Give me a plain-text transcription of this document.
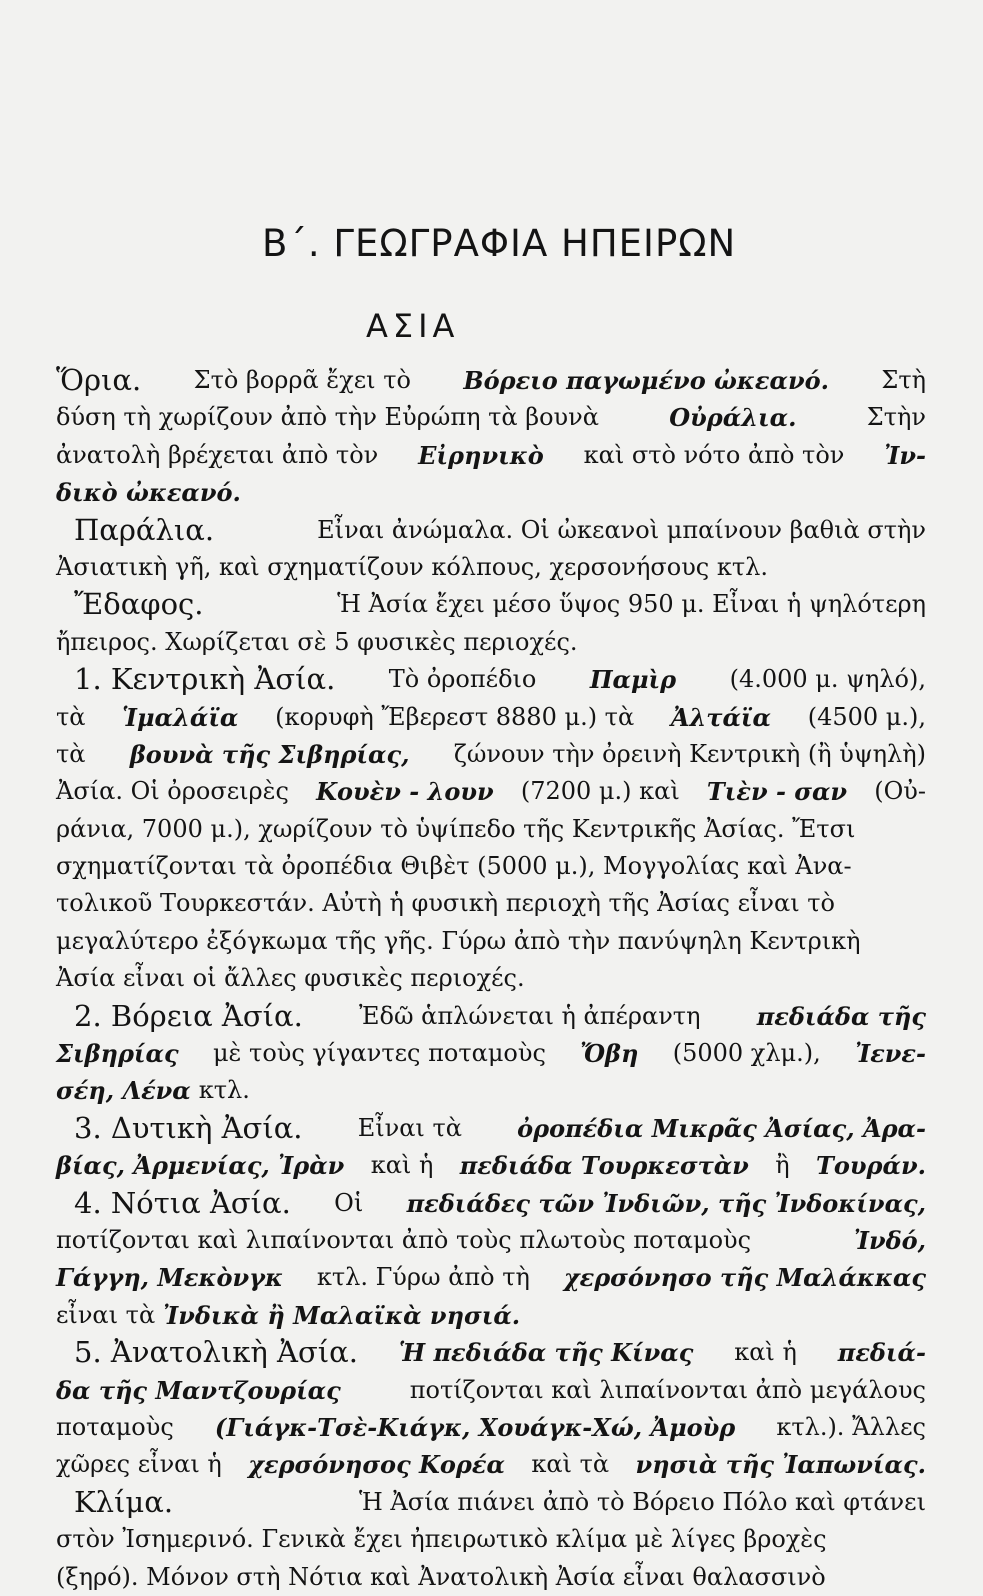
Β΄. ΓΕΩΓΡΑΦΙΑ ΗΠΕΙΡΩΝ
ΑΣΙΑ
Ὅρια. Στὸ βορρᾶ ἔχει τὸ Βόρειο παγωμένο ὠκεανό. Στὴ
δύση τὴ χωρίζουν ἀπὸ τὴν Εὐρώπη τὰ βουνὰ	Οὐράλια.	Στὴν
ἀνατολὴ βρέχεται ἀπὸ τὸν Εἰρηνικὸ καὶ στὸ νότο ἀπὸ τὸν Ἰν-
δικὸ ὠκεανό.
Παράλια.	Εἶναι ἀνώμαλα. Οἱ ὠκεανοὶ μπαίνουν βαθιὰ στὴν
Ἀσιατικὴ γῆ, καὶ σχηματίζουν κόλπους, χερσονήσους κτλ.
Ἔδαφος.	Ἡ Ἀσία ἔχει μέσο ὕψος 950 μ. Εἶναι ἡ ψηλότερη
ἤπειρος. Χωρίζεται σὲ 5 φυσικὲς περιοχές.
1. Κεντρικὴ Ἀσία. Τὸ ὀροπέδιο Παμὶρ (4.000 μ. ψηλό),
τὰ Ἱμαλάϊα (κορυφὴ Ἔβερεστ 8880 μ.) τὰ Ἀλτάϊα (4500 μ.),
τὰ βουνὰ τῆς Σιβηρίας, ζώνουν τὴν ὀρεινὴ Κεντρικὴ (ἢ ὑψηλὴ)
Ἀσία. Οἱ ὀροσειρὲς Κουὲν - λουν (7200 μ.) καὶ Τιὲν - σαν (Οὐ-
ράνια, 7000 μ.), χωρίζουν τὸ ὑψίπεδο τῆς Κεντρικῆς Ἀσίας. Ἔτσι
σχηματίζονται τὰ ὀροπέδια Θιβὲτ (5000 μ.), Μογγολίας καὶ Ἀνα-
τολικοῦ Τουρκεστάν. Αὐτὴ ἡ φυσικὴ περιοχὴ τῆς Ἀσίας εἶναι τὸ
μεγαλύτερο ἐξόγκωμα τῆς γῆς. Γύρω ἀπὸ τὴν πανύψηλη Κεντρικὴ
Ἀσία εἶναι οἱ ἄλλες φυσικὲς περιοχές.
2. Βόρεια Ἀσία. Ἐδῶ ἁπλώνεται ἡ ἀπέραντη πεδιάδα τῆς
Σιβηρίας μὲ τοὺς γίγαντες ποταμοὺς Ὄβη (5000 χλμ.), Ἰενε-
σέη, Λένα κτλ.
3. Δυτικὴ Ἀσία. Εἶναι τὰ ὀροπέδια Μικρᾶς Ἀσίας, Ἀρα-
βίας, Ἀρμενίας, Ἰρὰν καὶ ἡ πεδιάδα Τουρκεστὰν ἢ Τουράν.
4. Νότια Ἀσία. Οἱ πεδιάδες τῶν Ἰνδιῶν, τῆς Ἰνδοκίνας,
ποτίζονται καὶ λιπαίνονται ἀπὸ τοὺς πλωτοὺς ποταμοὺς	Ἰνδό,
Γάγγη, Μεκὸνγκ κτλ. Γύρω ἀπὸ τὴ χερσόνησο τῆς Μαλάκκας
εἶναι τὰ Ἰνδικὰ ἢ Μαλαϊκὰ νησιά.
5. Ἀνατολικὴ Ἀσία. Ἡ πεδιάδα τῆς Κίνας καὶ ἡ πεδιά-
δα τῆς Μαντζουρίας	ποτίζονται καὶ λιπαίνονται ἀπὸ μεγάλους
ποταμοὺς (Γιάγκ-Τσὲ-Κιάγκ, Χουάγκ-Χώ, Ἀμοὺρ κτλ.). Ἄλλες
χῶρες εἶναι ἡ χερσόνησος Κορέα καὶ τὰ νησιὰ τῆς Ἰαπωνίας.
Κλίμα.	Ἡ Ἀσία πιάνει ἀπὸ τὸ Βόρειο Πόλο καὶ φτάνει
στὸν Ἰσημερινό. Γενικὰ ἔχει ἠπειρωτικὸ κλίμα μὲ λίγες βροχὲς
(ξηρό). Μόνον στὴ Νότια καὶ Ἀνατολικὴ Ἀσία εἶναι θαλασσινὸ
